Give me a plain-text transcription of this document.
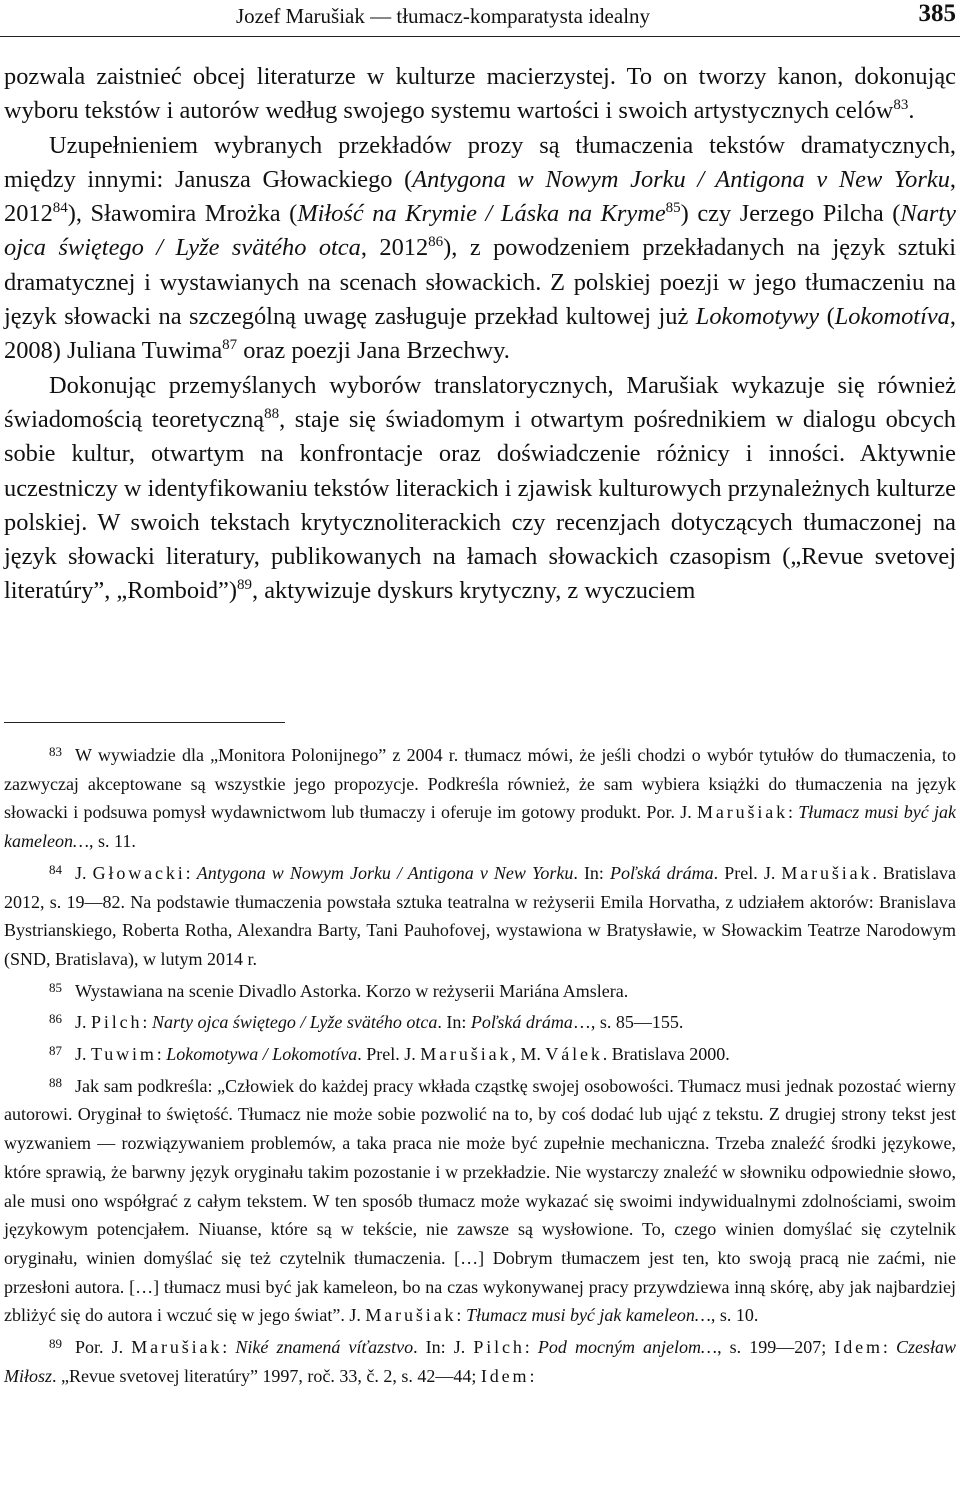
Jozef Marušiak — tłumacz-komparatysta idealny	385

pozwala zaistnieć obcej literaturze w kulturze macierzystej. To on tworzy kanon, dokonując wyboru tekstów i autorów według swojego systemu wartości i swoich artystycznych celów$^{83}$.

Uzupełnieniem wybranych przekładów prozy są tłumaczenia tekstów dramatycznych, między innymi: Janusza Głowackiego (Antygona w Nowym Jorku / Antigona v New Yorku, 2012$^{84}$), Sławomira Mrożka (Miłość na Krymie / Láska na Kryme$^{85}$) czy Jerzego Pilcha (Narty ojca świętego / Lyže svätého otca, 2012$^{86}$), z powodzeniem przekładanych na język sztuki dramatycznej i wystawianych na scenach słowackich. Z polskiej poezji w jego tłumaczeniu na język słowacki na szczególną uwagę zasługuje przekład kultowej już Lokomotywy (Lokomotíva, 2008) Juliana Tuwima$^{87}$ oraz poezji Jana Brzechwy.

Dokonując przemyślanych wyborów translatorycznych, Marušiak wykazuje się również świadomością teoretyczną$^{88}$, staje się świadomym i otwartym pośrednikiem w dialogu obcych sobie kultur, otwartym na konfrontacje oraz doświadczenie różnicy i inności. Aktywnie uczestniczy w identyfikowaniu tekstów literackich i zjawisk kulturowych przynależnych kulturze polskiej. W swoich tekstach krytycznoliterackich czy recenzjach dotyczących tłumaczonej na język słowacki literatury, publikowanych na łamach słowackich czasopism („Revue svetovej literatúry”, „Romboid”)$^{89}$, aktywizuje dyskurs krytyczny, z wyczuciem

$^{83}$ W wywiadzie dla „Monitora Polonijnego” z 2004 r. tłumacz mówi, że jeśli chodzi o wybór tytułów do tłumaczenia, to zazwyczaj akceptowane są wszystkie jego propozycje. Podkreśla również, że sam wybiera książki do tłumaczenia na język słowacki i podsuwa pomysł wydawnictwom lub tłumaczy i oferuje im gotowy produkt. Por. J. Marušiak: Tłumacz musi być jak kameleon…, s. 11.

$^{84}$ J. Głowacki: Antygona w Nowym Jorku / Antigona v New Yorku. In: Poľská dráma. Prel. J. Marušiak. Bratislava 2012, s. 19—82. Na podstawie tłumaczenia powstała sztuka teatralna w reżyserii Emila Horvatha, z udziałem aktorów: Branislava Bystrianskiego, Roberta Rotha, Alexandra Barty, Tani Pauhofovej, wystawiona w Bratysławie, w Słowackim Teatrze Narodowym (SND, Bratislava), w lutym 2014 r.

$^{85}$ Wystawiana na scenie Divadlo Astorka. Korzo w reżyserii Mariána Amslera.

$^{86}$ J. Pilch: Narty ojca świętego / Lyže svätého otca. In: Poľská dráma…, s. 85—155.

$^{87}$ J. Tuwim: Lokomotywa / Lokomotíva. Prel. J. Marušiak, M. Válek. Bratislava 2000.

$^{88}$ Jak sam podkreśla: „Człowiek do każdej pracy wkłada cząstkę swojej osobowości. Tłumacz musi jednak pozostać wierny autorowi. Oryginał to świętość. Tłumacz nie może sobie pozwolić na to, by coś dodać lub ująć z tekstu. Z drugiej strony tekst jest wyzwaniem — rozwiązywaniem problemów, a taka praca nie może być zupełnie mechaniczna. Trzeba znaleźć środki językowe, które sprawią, że barwny język oryginału takim pozostanie i w przekładzie. Nie wystarczy znaleźć w słowniku odpowiednie słowo, ale musi ono współgrać z całym tekstem. W ten sposób tłumacz może wykazać się swoimi indywidualnymi zdolnościami, swoim językowym potencjałem. Niuanse, które są w tekście, nie zawsze są wysłowione. To, czego winien domyślać się czytelnik oryginału, winien domyślać się też czytelnik tłumaczenia. […] Dobrym tłumaczem jest ten, kto swoją pracą nie zaćmi, nie przesłoni autora. […] tłumacz musi być jak kameleon, bo na czas wykonywanej pracy przywdziewa inną skórę, aby jak najbardziej zbliżyć się do autora i wczuć się w jego świat”. J. Marušiak: Tłumacz musi być jak kameleon…, s. 10.

$^{89}$ Por. J. Marušiak: Niké znamená víťazstvo. In: J. Pilch: Pod mocným anjelom…, s. 199—207; Idem: Czesław Miłosz. „Revue svetovej literatúry” 1997, roč. 33, č. 2, s. 42—44; Idem:
